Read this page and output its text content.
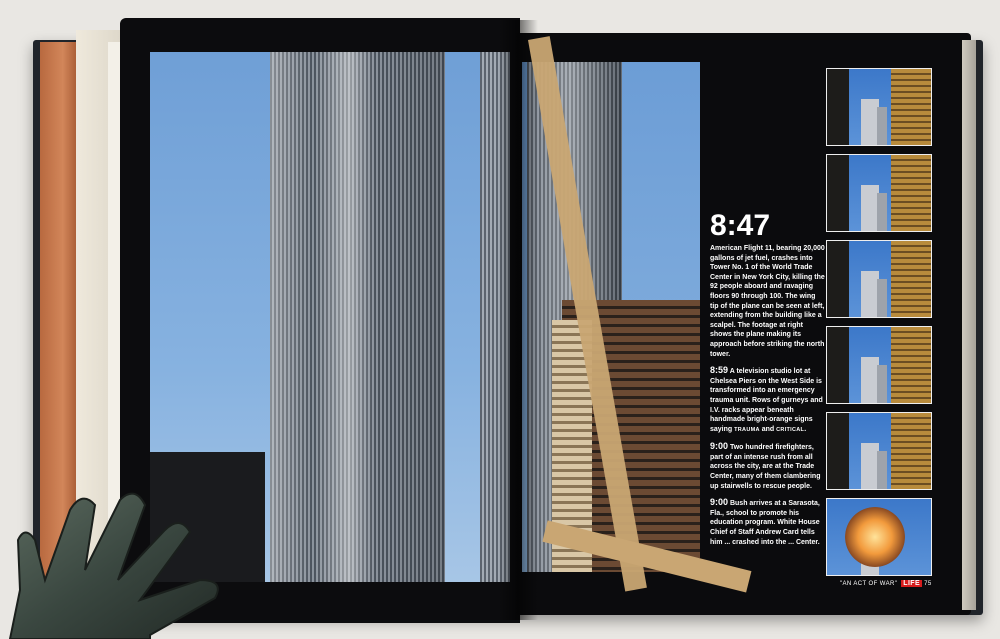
8:47
American Flight 11, bearing 20,000 gallons of jet fuel, crashes into Tower No. 1 of the World Trade Center in New York City, killing the 92 people aboard and ravaging floors 90 through 100. The wing tip of the plane can be seen at left, extending from the building like a scalpel. The footage at right shows the plane making its approach before striking the north tower.
8:59 A television studio lot at Chelsea Piers on the West Side is transformed into an emergency trauma unit. Rows of gurneys and I.V. racks appear beneath handmade bright-orange signs saying TRAUMA and CRITICAL.
9:00 Two hundred firefighters, part of an intense rush from all across the city, are at the Trade Center, many of them clambering up stairwells to rescue people.
9:00 Bush arrives at a Sarasota, Fla., school to promote his education program. White House Chief of Staff Andrew Card tells him ... crashed into the ... Center.
"AN ACT OF WAR" LIFE 75
